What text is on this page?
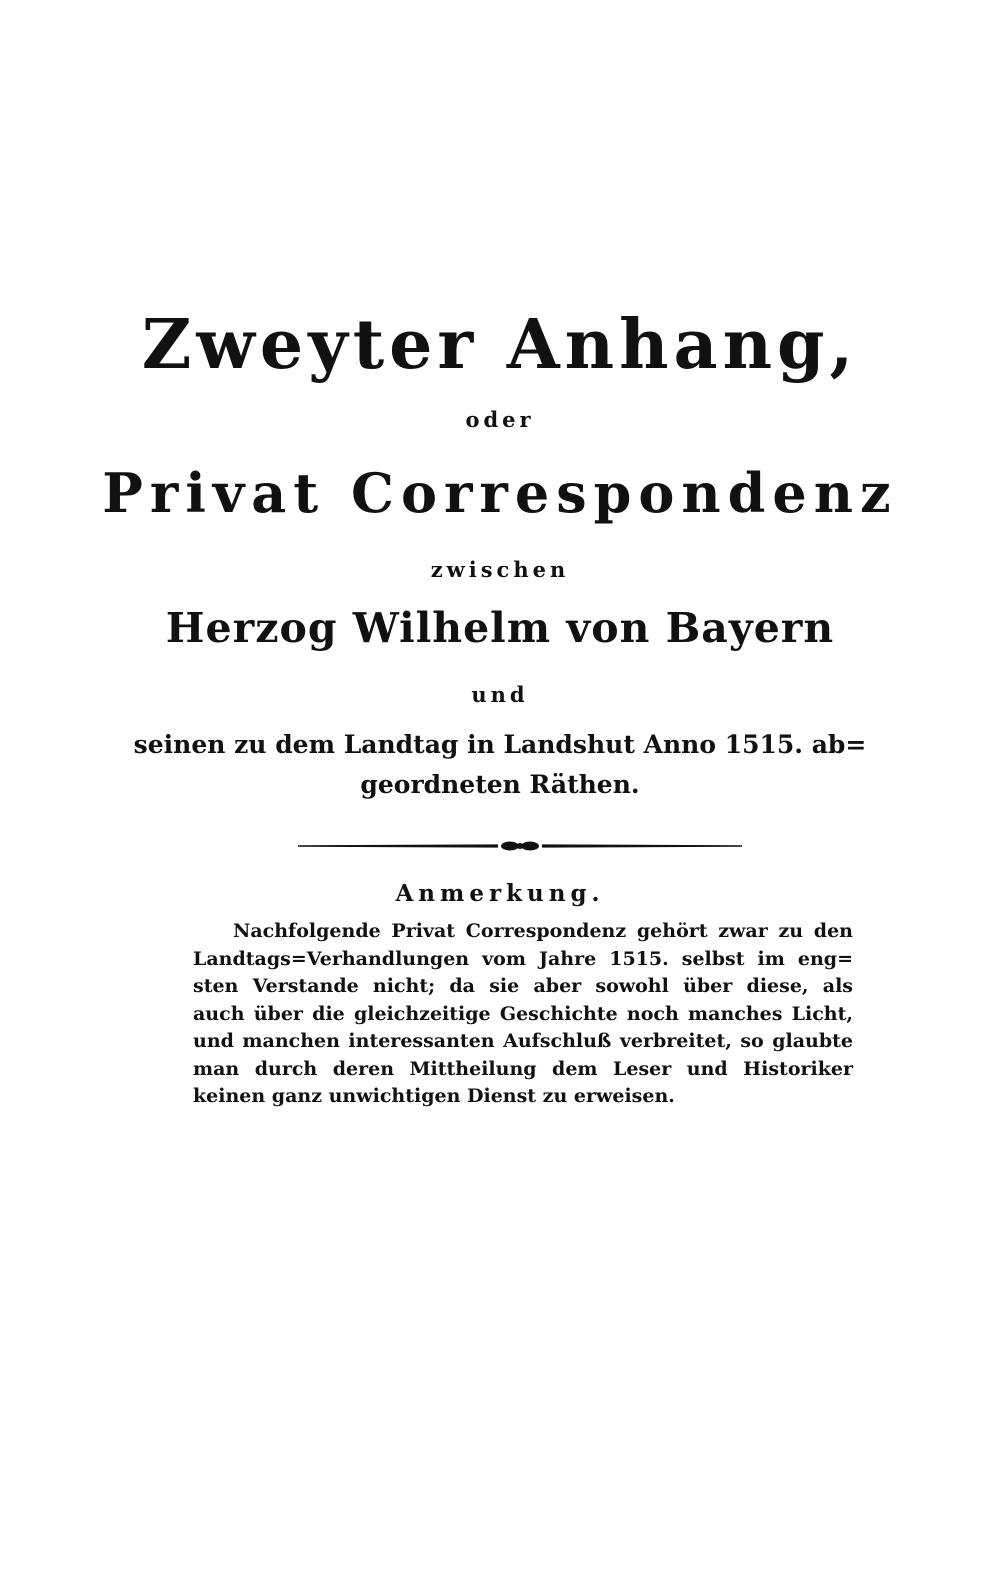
Zweyter Anhang,
oder
Privat Correspondenz
zwischen
Herzog Wilhelm von Bayern
und
seinen zu dem Landtag in Landshut Anno 1515. ab=
geordneten Räthen.
Anmerkung.
Nachfolgende Privat Correspondenz gehört zwar zu den
Landtags=Verhandlungen vom Jahre 1515. selbst im eng=
sten Verstande nicht; da sie aber sowohl über diese, als
auch über die gleichzeitige Geschichte noch manches Licht,
und manchen interessanten Aufschluß verbreitet, so glaubte
man durch deren Mittheilung dem Leser und Historiker
keinen ganz unwichtigen Dienst zu erweisen.
